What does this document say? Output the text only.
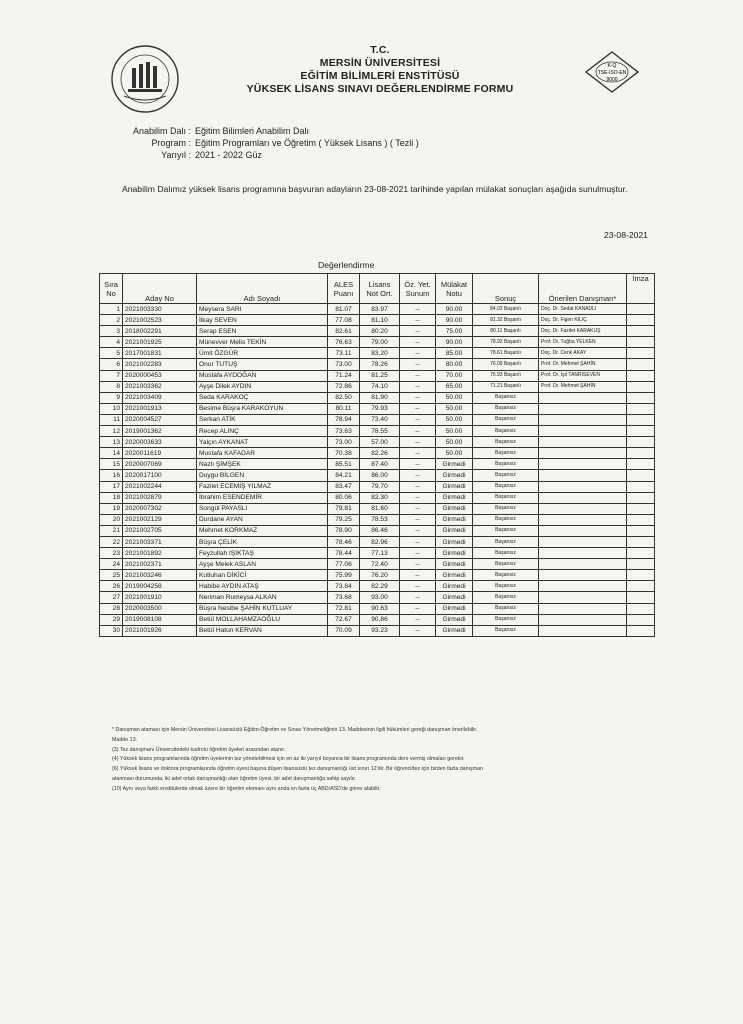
T.C.
MERSİN ÜNİVERSİTESİ
EĞİTİM BİLİMLERİ ENSTİTÜSÜ
YÜKSEK LİSANS SINAVI DEĞERLENDİRME FORMU
K-Q
TSE-ISO-EN
9000
Anabilim Dalı : Eğitim Bilimleri Anabilim Dalı
Program : Eğitim Programları ve Öğretim ( Yüksek Lisans ) ( Tezli )
Yarıyıl : 2021 - 2022 Güz
Anabilim Dalımız yüksek lisans programına başvuran adayların 23-08-2021 tarihinde yapılan mülakat sonuçları aşağıda sunulmuştur.
23-08-2021
Değerlendirme
Sıra
No	Aday No	Adı Soyadı	ALES
Puanı	Lisans
Not Ort.	Öz. Yet.
Sunum	Mülakat
Notu	Sonuç	Önerilen Danışman*	İmza
1	2021003330	Meysera SARI	81.07	83.97	--	90.00	84.03 Başarılı	Doç. Dr. Sedat KANADLI	
2	2021002523	İlkay SEVEN	77.08	81.10	--	90.00	81.32 Başarılı	Doç. Dr. Figen KILIÇ	
3	2018002291	Serap ESEN	82.61	80.20	--	75.00	80.11 Başarılı	Doç. Dr. Fazilet KARAKUŞ	
4	2021001925	Münevver Melis TEKİN	76.63	79.00	--	90.00	78.92 Başarılı	Prof. Dr. Tuğba YELKEN	
5	2017001831	Ümit ÖZGÜR	73.11	83.20	--	85.00	78.61 Başarılı	Doç. Dr. Cenk AKAY	
6	2021002283	Onur TUTUŞ	73.00	78.26	--	80.00	76.09 Başarılı	Prof. Dr. Mehmet ŞAHİN	
7	2020000453	Mustafa AYDOĞAN	71.24	81.25	--	70.00	75.93 Başarılı	Prof. Dr. Işıl TANRISEVEN	
8	2021003362	Ayşe Dilek AYDIN	72.86	74.10	--	65.00	71.21 Başarılı	Prof. Dr. Mehmet ŞAHİN	
9	2021003409	Seda KARAKOÇ	82.50	81.90	--	50.00	Başarısız		
10	2021001913	Besime Büşra KARAKOYUN	80.11	79.93	--	50.00	Başarısız		
11	2020004527	Serkan ATİK	78.94	73.40	--	50.00	Başarısız		
12	2019001362	Recep ALINÇ	73.63	78.55	--	50.00	Başarısız		
13	2020003633	Yalçın AYKANAT	73.00	57.00	--	50.00	Başarısız		
14	2020011619	Mustafa KAFADAR	70.38	82.26	--	50.00	Başarısız		
15	2020007069	Nazlı ŞİMŞEK	85.51	87.40	--	Girmedi	Başarısız		
16	2020017100	Duygu BİLGEN	84.21	86.00	--	Girmedi	Başarısız		
17	2021002244	Fazilet ECEMİŞ YILMAZ	83.47	79.70	--	Girmedi	Başarısız		
18	2021002879	İbrahim ESENDEMİR	80.06	82.30	--	Girmedi	Başarısız		
19	2020007302	Songül PAYASLI	79.81	81.60	--	Girmedi	Başarısız		
20	2021002129	Durdane AYAN	79.25	78.53	--	Girmedi	Başarısız		
21	2021002705	Mehmet KORKMAZ	78.90	86.46	--	Girmedi	Başarısız		
22	2021003371	Büşra ÇELİK	78.46	82.96	--	Girmedi	Başarısız		
23	2021001892	Feyzullah IŞIKTAŞ	78.44	77.13	--	Girmedi	Başarısız		
24	2021002371	Ayşe Melek ASLAN	77.06	72.40	--	Girmedi	Başarısız		
25	2021003246	Kutluhan DİKİCİ	75.99	76.20	--	Girmedi	Başarısız		
26	2019004258	Habibe AYDIN ATAŞ	73.84	82.29	--	Girmedi	Başarısız		
27	2021001910	Neriman Rumeysa ALKAN	73.68	93.00	--	Girmedi	Başarısız		
28	2020003500	Büşra Nesibe ŞAHİN KUTLUAY	72.81	90.63	--	Girmedi	Başarısız		
29	2019008108	Betül MOLLAHAMZAOĞLU	72.67	90.86	--	Girmedi	Başarısız		
30	2021001926	Betül Hatun KERVAN	70.09	93.23	--	Girmedi	Başarısız		
* Danışman ataması için Mersin Üniversitesi Lisansüstü Eğitim-Öğretim ve Sınav Yönetmeliğinin 13. Maddesinin ilgili hükümleri gereği danışman önerilebilir.
Madde 13.
(3) Tez danışmanı Üniversitedeki kadrolu öğretim üyeleri arasından atanır.
(4) Yüksek lisans programlarında öğretim üyelerinin tez yönetebilmesi için en az iki yarıyıl boyunca bir lisans programında ders vermiş olmaları gerekir.
(6) Yüksek lisans ve doktora programlarında öğretim üyesi başına düşen lisansüstü tez danışmanlığı üst sınırı 12'dir. Bir öğrenci/tez için birden fazla danışman
atanması durumunda, iki adet ortak danışmanlığı olan öğretim üyesi, bir adet danışmanlığa sahip sayılır.
(10) Aynı veya farklı enstitülerde olmak üzere bir öğretim elemanı aynı anda en fazla üç ABD/ASD'de görev alabilir.
